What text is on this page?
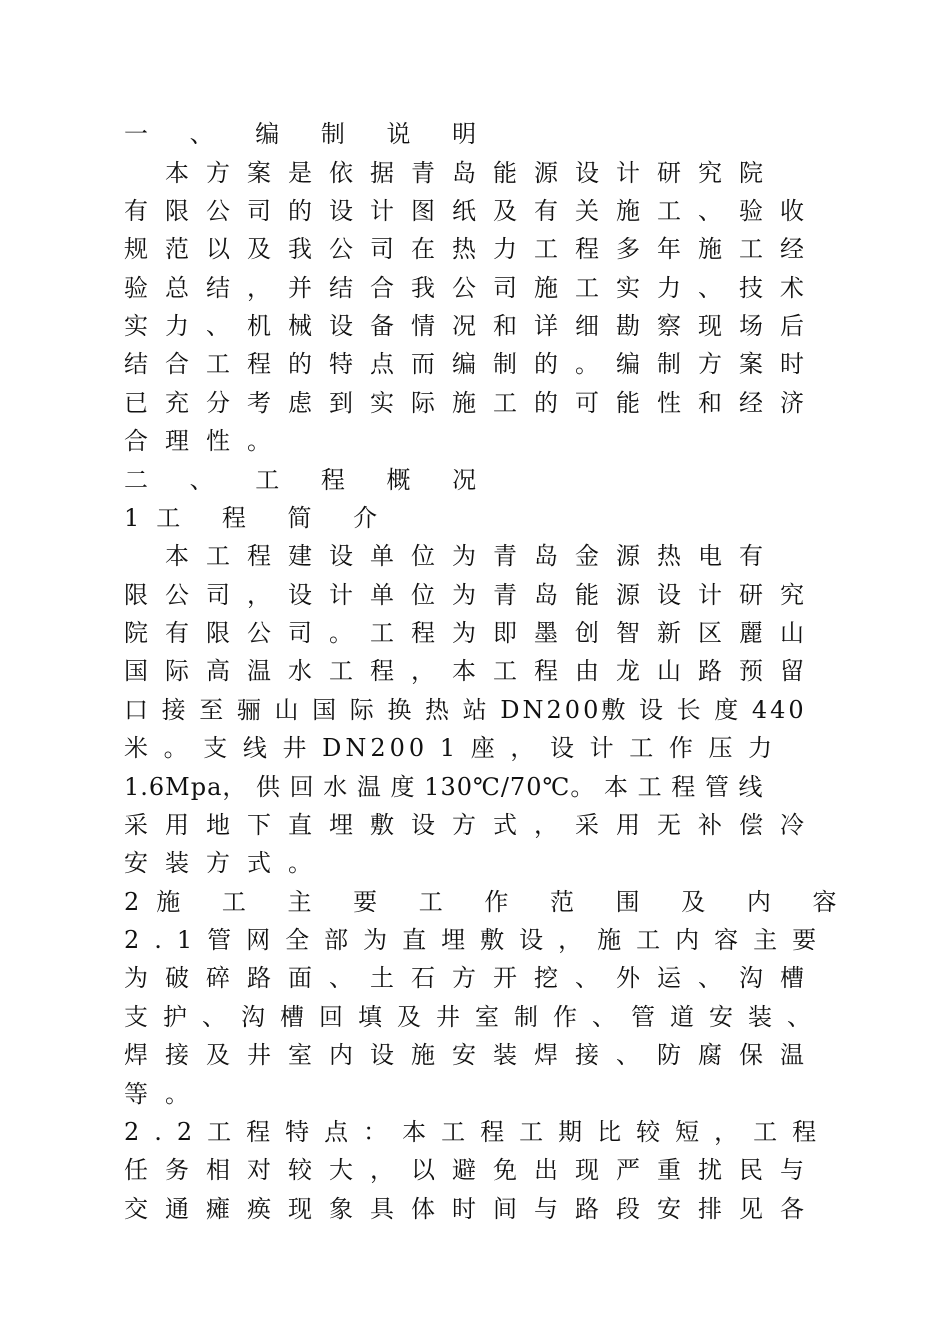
一 、 编 制 说 明

　本方案是依据青岛能源设计研究院

有限公司的设计图纸及有关施工、验收

规范以及我公司在热力工程多年施工经

验总结，并结合我公司施工实力、技术

实力、机械设备情况和详细勘察现场后

结合工程的特点而编制的。编制方案时

已充分考虑到实际施工的可能性和经济

合理性。

二 、 工 程 概 况

1工 程 简 介

　本工程建设单位为青岛金源热电有

限公司，设计单位为青岛能源设计研究

院有限公司。工程为即墨创智新区麗山

国际高温水工程，本工程由龙山路预留

口 接 至 骊 山 国 际 换 热 站 DN200敷 设 长 度 440

米 。 支 线 井 DN200 1 座 ， 设 计 工 作 压 力

1.6Mpa， 供 回 水 温 度 130℃/70℃。 本 工 程 管 线

采用地下直埋敷设方式，采用无补偿冷

安装方式。

2施 工 主 要 工 作 范 围 及 内 容

2.1管网全部为直埋敷设，施工内容主要

为破碎路面、土石方开挖、外运、沟槽

支护、沟槽回填及井室制作、管道安装、

焊接及井室内设施安装焊接、防腐保温

等。

2.2工程特点：本工程工期比较短，工程

任务相对较大，以避免出现严重扰民与

交通瘫痪现象具体时间与路段安排见各
